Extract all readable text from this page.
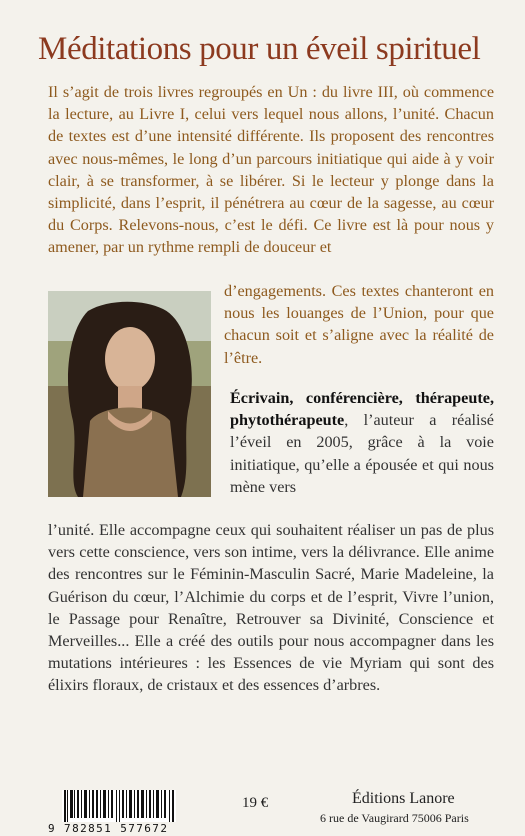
Méditations pour un éveil spirituel
Il s’agit de trois livres regroupés en Un : du livre III, où commence la lecture, au Livre I, celui vers lequel nous allons, l’unité. Chacun de textes est d’une intensité différente. Ils proposent des rencontres avec nous-mêmes, le long d’un parcours initiatique qui aide à y voir clair, à se transformer, à se libérer. Si le lecteur y plonge dans la simplicité, dans l’esprit, il pénétrera au cœur de la sagesse, au cœur du Corps. Relevons-nous, c’est le défi. Ce livre est là pour nous y amener, par un rythme rempli de douceur et
d’engagements. Ces textes chanteront en nous les louanges de l’Union, pour que chacun soit et s’aligne avec la réalité de l’être.
Écrivain, conférencière, thérapeute, phytothérapeute, l’auteur a réalisé l’éveil en 2005, grâce à la voie initiatique, qu’elle a épousée et qui nous mène vers
l’unité. Elle accompagne ceux qui souhaitent réaliser un pas de plus vers cette conscience, vers son intime, vers la délivrance. Elle anime des rencontres sur le Féminin-Masculin Sacré, Marie Madeleine, la Guérison du cœur, l’Alchimie du corps et de l’esprit, Vivre l’union, le Passage pour Renaître, Retrouver sa Divinité, Conscience et Merveilles... Elle a créé des outils pour nous accompagner dans les mutations intérieures : les Essences de vie Myriam qui sont des élixirs floraux, de cristaux et des essences d’arbres.
9 782851 577672
19 €	Éditions Lanore
6 rue de Vaugirard 75006 Paris
